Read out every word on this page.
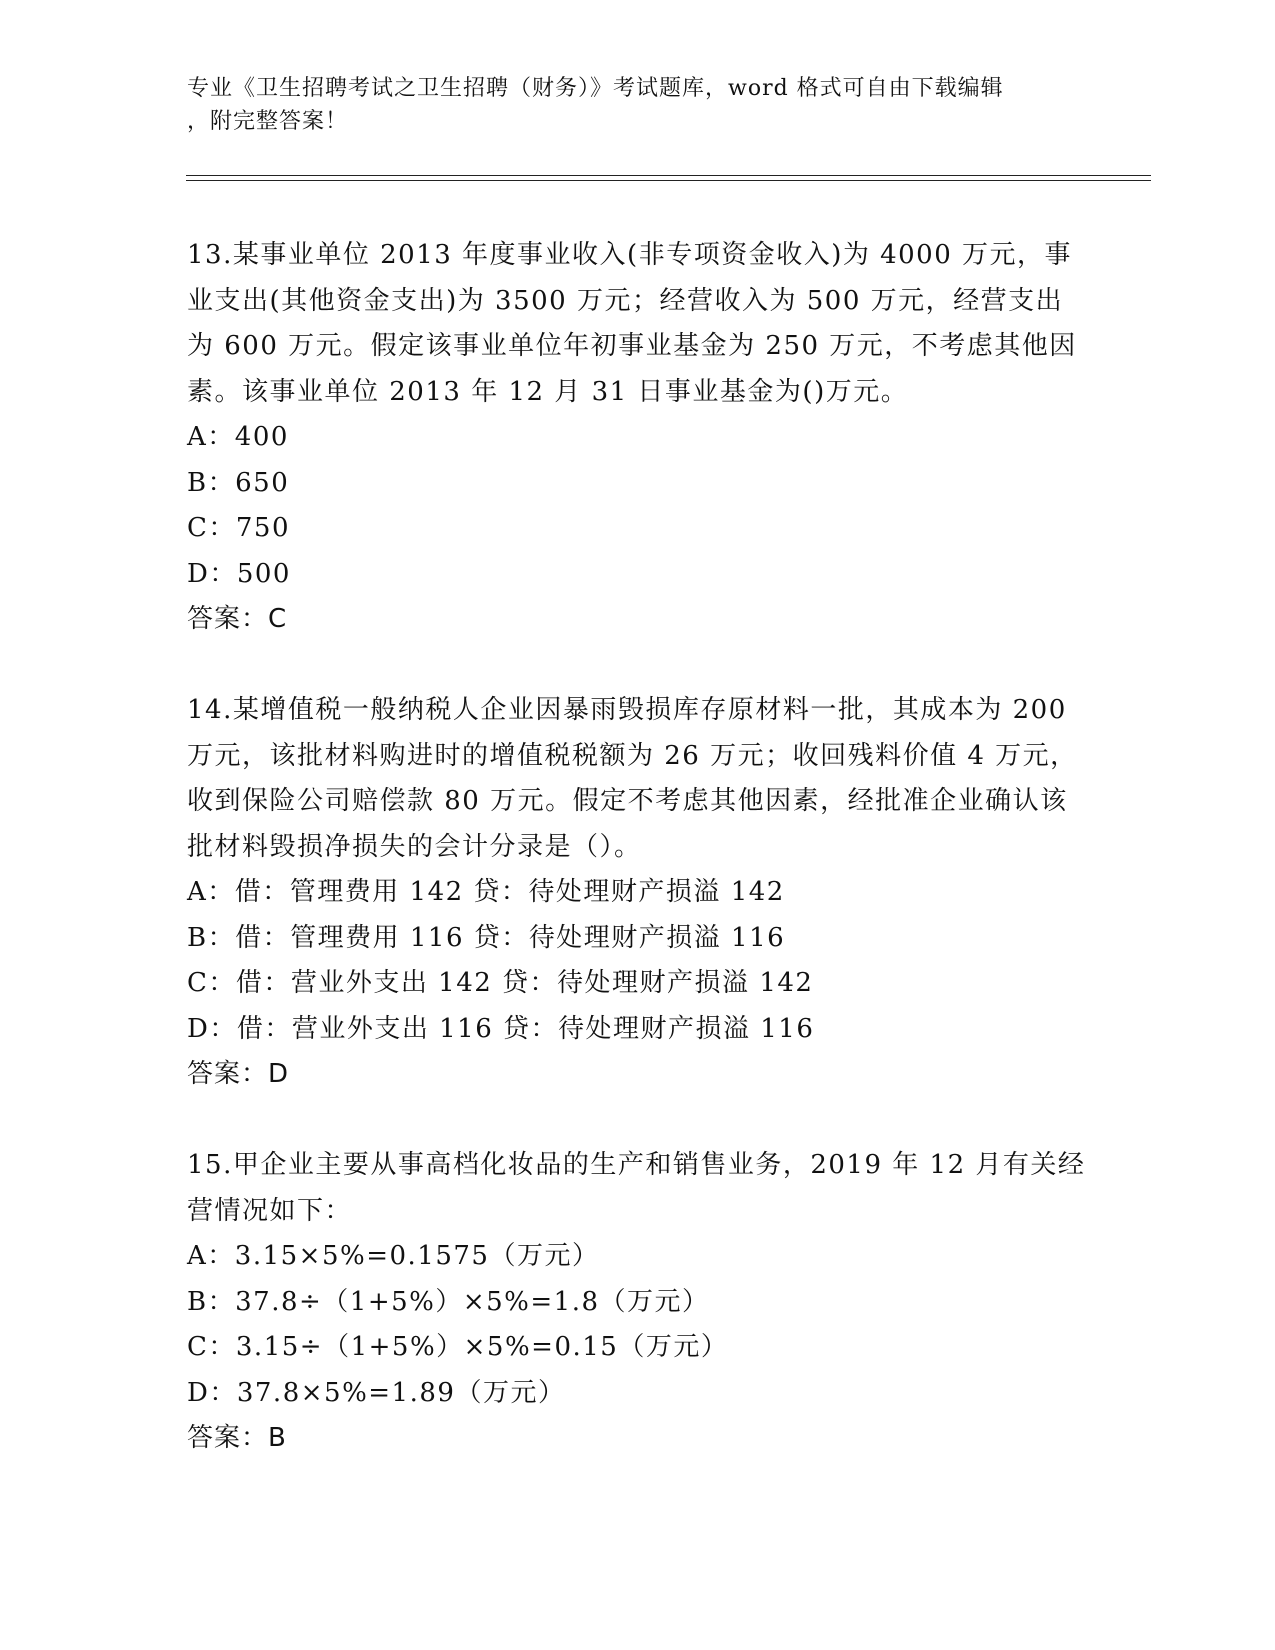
专业《卫生招聘考试之卫生招聘（财务）》考试题库，word 格式可自由下载编辑
，附完整答案！

13.某事业单位 2013 年度事业收入(非专项资金收入)为 4000 万元，事业支出(其他资金支出)为 3500 万元；经营收入为 500 万元，经营支出为 600 万元。假定该事业单位年初事业基金为 250 万元，不考虑其他因素。该事业单位 2013 年 12 月 31 日事业基金为()万元。

A：400

B：650

C：750

D：500

答案：C

14.某增值税一般纳税人企业因暴雨毁损库存原材料一批，其成本为 200 万元，该批材料购进时的增值税税额为 26 万元；收回残料价值 4 万元，收到保险公司赔偿款 80 万元。假定不考虑其他因素，经批准企业确认该批材料毁损净损失的会计分录是（）。

A：借：管理费用 142 贷：待处理财产损溢 142

B：借：管理费用 116 贷：待处理财产损溢 116

C：借：营业外支出 142 贷：待处理财产损溢 142

D：借：营业外支出 116 贷：待处理财产损溢 116

答案：D

15.甲企业主要从事高档化妆品的生产和销售业务，2019 年 12 月有关经营情况如下：

A：3.15×5%=0.1575（万元）

B：37.8÷（1+5%）×5%=1.8（万元）

C：3.15÷（1+5%）×5%=0.15（万元）

D：37.8×5%=1.89（万元）

答案：B
